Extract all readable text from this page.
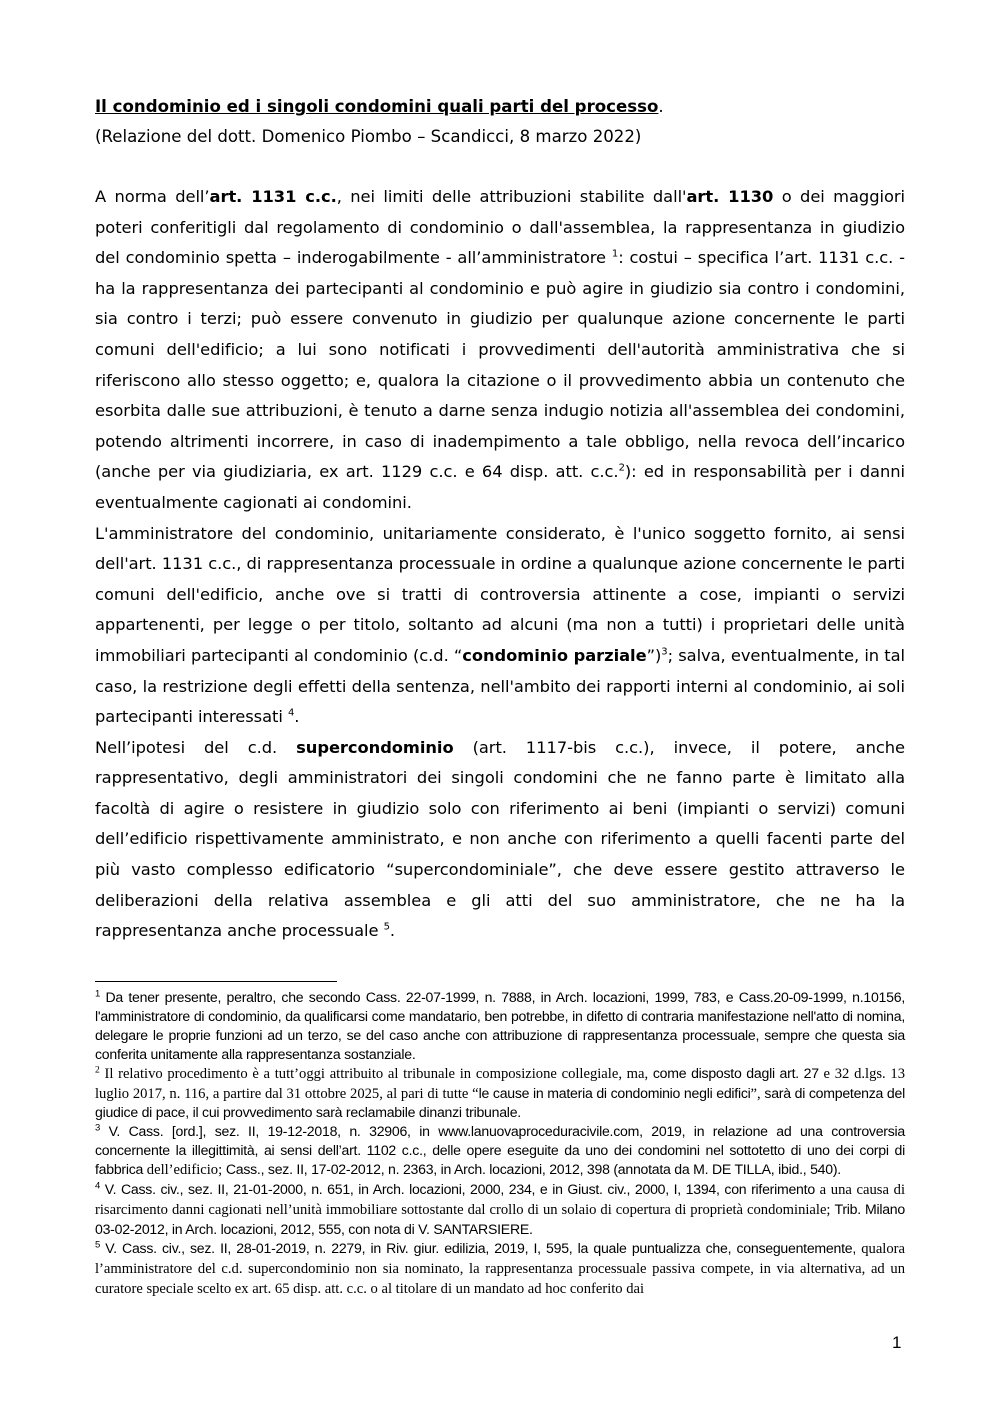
Il condominio ed i singoli condomini quali parti del processo.

(Relazione del dott. Domenico Piombo – Scandicci, 8 marzo 2022)

A norma dell’art. 1131 c.c., nei limiti delle attribuzioni stabilite dall'art. 1130 o dei maggiori poteri conferitigli dal regolamento di condominio o dall'assemblea, la rappresentanza in giudizio del condominio spetta – inderogabilmente - all’amministratore $^1$: costui – specifica l’art. 1131 c.c. - ha la rappresentanza dei partecipanti al condominio e può agire in giudizio sia contro i condomini, sia contro i terzi; può essere convenuto in giudizio per qualunque azione concernente le parti comuni dell'edificio; a lui sono notificati i provvedimenti dell'autorità amministrativa che si riferiscono allo stesso oggetto; e, qualora la citazione o il provvedimento abbia un contenuto che esorbita dalle sue attribuzioni, è tenuto a darne senza indugio notizia all'assemblea dei condomini, potendo altrimenti incorrere, in caso di inadempimento a tale obbligo, nella revoca dell’incarico (anche per via giudiziaria, ex art. 1129 c.c. e 64 disp. att. c.c.$^2$): ed in responsabilità per i danni eventualmente cagionati ai condomini.

L'amministratore del condominio, unitariamente considerato, è l'unico soggetto fornito, ai sensi dell'art. 1131 c.c., di rappresentanza processuale in ordine a qualunque azione concernente le parti comuni dell'edificio, anche ove si tratti di controversia attinente a cose, impianti o servizi appartenenti, per legge o per titolo, soltanto ad alcuni (ma non a tutti) i proprietari delle unità immobiliari partecipanti al condominio (c.d. “condominio parziale”)$^3$; salva, eventualmente, in tal caso, la restrizione degli effetti della sentenza, nell'ambito dei rapporti interni al condominio, ai soli partecipanti interessati $^4$.

Nell’ipotesi del c.d. supercondominio (art. 1117-bis c.c.), invece, il potere, anche rappresentativo, degli amministratori dei singoli condomini che ne fanno parte è limitato alla facoltà di agire o resistere in giudizio solo con riferimento ai beni (impianti o servizi) comuni dell’edificio rispettivamente amministrato, e non anche con riferimento a quelli facenti parte del più vasto complesso edificatorio “supercondominiale”, che deve essere gestito attraverso le deliberazioni della relativa assemblea e gli atti del suo amministratore, che ne ha la rappresentanza anche processuale $^5$.

$^1$ Da tener presente, peraltro, che secondo Cass. 22-07-1999, n. 7888, in Arch. locazioni, 1999, 783, e Cass.20-09-1999, n.10156, l'amministratore di condominio, da qualificarsi come mandatario, ben potrebbe, in difetto di contraria manifestazione nell'atto di nomina, delegare le proprie funzioni ad un terzo, se del caso anche con attribuzione di rappresentanza processuale, sempre che questa sia conferita unitamente alla rappresentanza sostanziale.

$^2$ Il relativo procedimento è a tutt’oggi attribuito al tribunale in composizione collegiale, ma, come disposto dagli art. 27 e 32 d.lgs. 13 luglio 2017, n. 116, a partire dal 31 ottobre 2025, al pari di tutte “le cause in materia di condominio negli edifici”, sarà di competenza del giudice di pace, il cui provvedimento sarà reclamabile dinanzi tribunale.

$^3$ V. Cass. [ord.], sez. II, 19-12-2018, n. 32906, in www.lanuovaproceduracivile.com, 2019, in relazione ad una controversia concernente la illegittimità, ai sensi dell’art. 1102 c.c., delle opere eseguite da uno dei condomini nel sottotetto di uno dei corpi di fabbrica dell’edificio; Cass., sez. II, 17-02-2012, n. 2363, in Arch. locazioni, 2012, 398 (annotata da M. DE TILLA, ibid., 540).

$^4$ V. Cass. civ., sez. II, 21-01-2000, n. 651, in Arch. locazioni, 2000, 234, e in Giust. civ., 2000, I, 1394, con riferimento a una causa di risarcimento danni cagionati nell’unità immobiliare sottostante dal crollo di un solaio di copertura di proprietà condominiale; Trib. Milano 03-02-2012, in Arch. locazioni, 2012, 555, con nota di V. SANTARSIERE.

$^5$ V. Cass. civ., sez. II, 28-01-2019, n. 2279, in Riv. giur. edilizia, 2019, I, 595, la quale puntualizza che, conseguentemente, qualora l’amministratore del c.d. supercondominio non sia nominato, la rappresentanza processuale passiva compete, in via alternativa, ad un curatore speciale scelto ex art. 65 disp. att. c.c. o al titolare di un mandato ad hoc conferito dai

1
